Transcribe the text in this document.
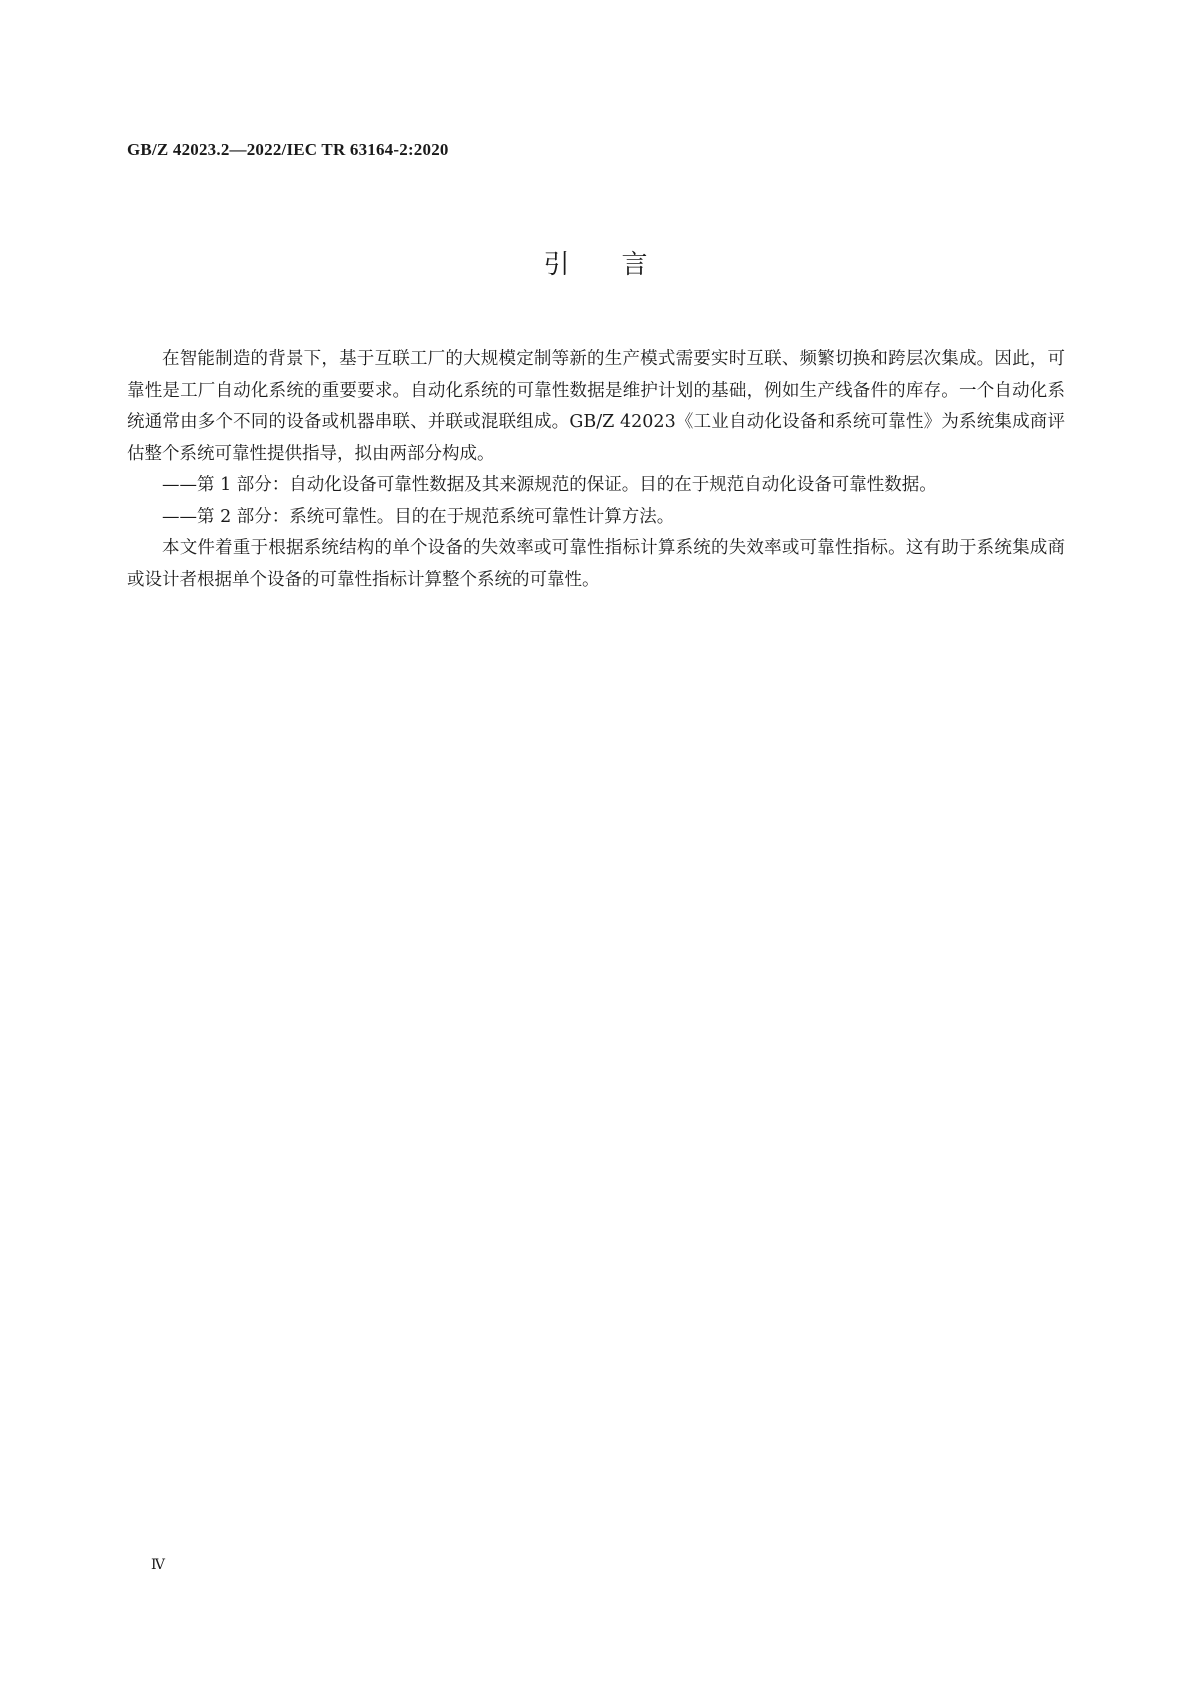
GB/Z 42023.2—2022/IEC TR 63164-2:2020
引言

在智能制造的背景下，基于互联工厂的大规模定制等新的生产模式需要实时互联、频繁切换和跨层次集成。因此，可靠性是工厂自动化系统的重要要求。自动化系统的可靠性数据是维护计划的基础，例如生产线备件的库存。一个自动化系统通常由多个不同的设备或机器串联、并联或混联组成。GB/Z 42023《工业自动化设备和系统可靠性》为系统集成商评估整个系统可靠性提供指导，拟由两部分构成。

——第 1 部分：自动化设备可靠性数据及其来源规范的保证。目的在于规范自动化设备可靠性数据。

——第 2 部分：系统可靠性。目的在于规范系统可靠性计算方法。

本文件着重于根据系统结构的单个设备的失效率或可靠性指标计算系统的失效率或可靠性指标。这有助于系统集成商或设计者根据单个设备的可靠性指标计算整个系统的可靠性。

Ⅳ
